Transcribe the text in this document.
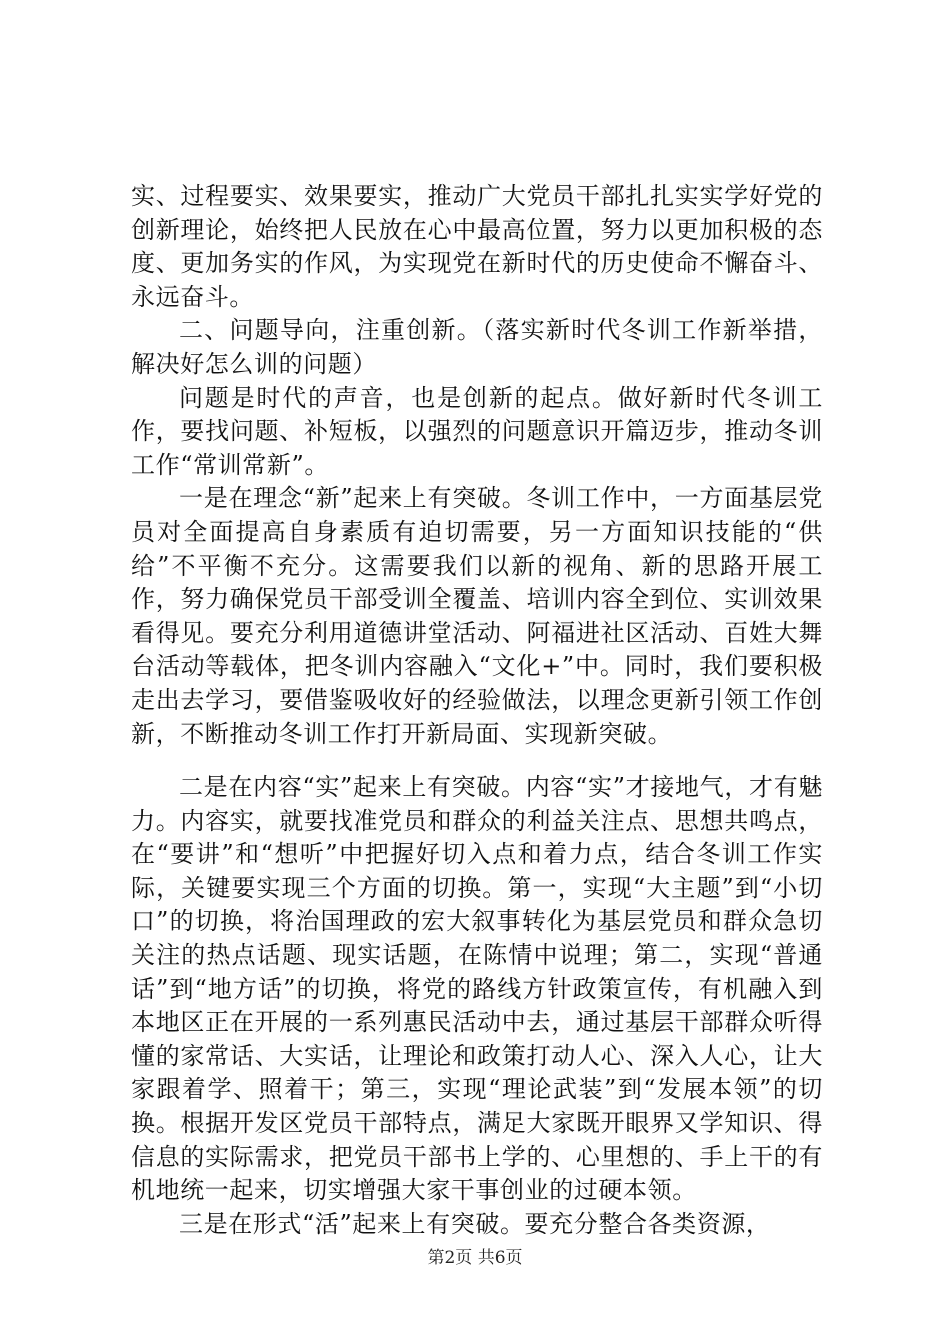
实、过程要实、效果要实，推动广大党员干部扎扎实实学好党的创新理论，始终把人民放在心中最高位置，努力以更加积极的态度、更加务实的作风，为实现党在新时代的历史使命不懈奋斗、永远奋斗。

二、问题导向，注重创新。（落实新时代冬训工作新举措，解决好怎么训的问题）

问题是时代的声音，也是创新的起点。做好新时代冬训工作，要找问题、补短板，以强烈的问题意识开篇迈步，推动冬训工作“常训常新”。

一是在理念“新”起来上有突破。冬训工作中，一方面基层党员对全面提高自身素质有迫切需要，另一方面知识技能的“供给”不平衡不充分。这需要我们以新的视角、新的思路开展工作，努力确保党员干部受训全覆盖、培训内容全到位、实训效果看得见。要充分利用道德讲堂活动、阿福进社区活动、百姓大舞台活动等载体，把冬训内容融入“文化+”中。同时，我们要积极走出去学习，要借鉴吸收好的经验做法，以理念更新引领工作创新，不断推动冬训工作打开新局面、实现新突破。

二是在内容“实”起来上有突破。内容“实”才接地气，才有魅力。内容实，就要找准党员和群众的利益关注点、思想共鸣点，在“要讲”和“想听”中把握好切入点和着力点，结合冬训工作实际，关键要实现三个方面的切换。第一，实现“大主题”到“小切口”的切换，将治国理政的宏大叙事转化为基层党员和群众急切关注的热点话题、现实话题，在陈情中说理；第二，实现“普通话”到“地方话”的切换，将党的路线方针政策宣传，有机融入到本地区正在开展的一系列惠民活动中去，通过基层干部群众听得懂的家常话、大实话，让理论和政策打动人心、深入人心，让大家跟着学、照着干；第三，实现“理论武装”到“发展本领”的切换。根据开发区党员干部特点，满足大家既开眼界又学知识、得信息的实际需求，把党员干部书上学的、心里想的、手上干的有机地统一起来，切实增强大家干事创业的过硬本领。

三是在形式“活”起来上有突破。要充分整合各类资源，

第2页 共6页
